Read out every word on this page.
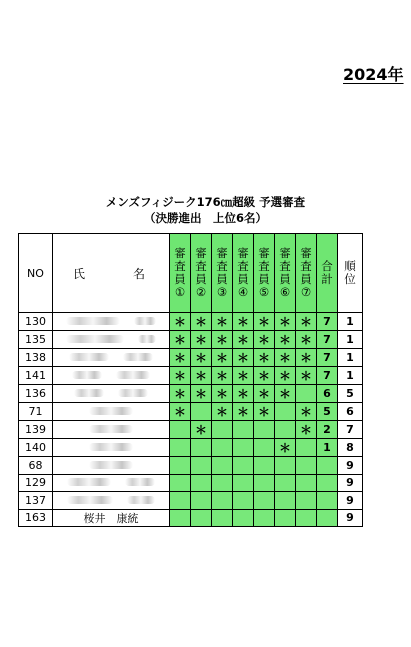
2024年
メンズフィジーク176㎝超級 予選審査
（決勝進出　上位6名）
NO	氏 名	審
査
員
①	審
査
員
②	審
査
員
③	審
査
員
④	審
査
員
⑤	審
査
員
⑥	審
査
員
⑦	合
計	順
位

130		＊	＊	＊	＊	＊	＊	＊	7	1
135		＊	＊	＊	＊	＊	＊	＊	7	1
138		＊	＊	＊	＊	＊	＊	＊	7	1
141		＊	＊	＊	＊	＊	＊	＊	7	1
136		＊	＊	＊	＊	＊	＊		6	5
71		＊		＊	＊	＊		＊	5	6
139			＊					＊	2	7
140							＊		1	8
68										9
129										9
137										9
163	桜井　康統									9
